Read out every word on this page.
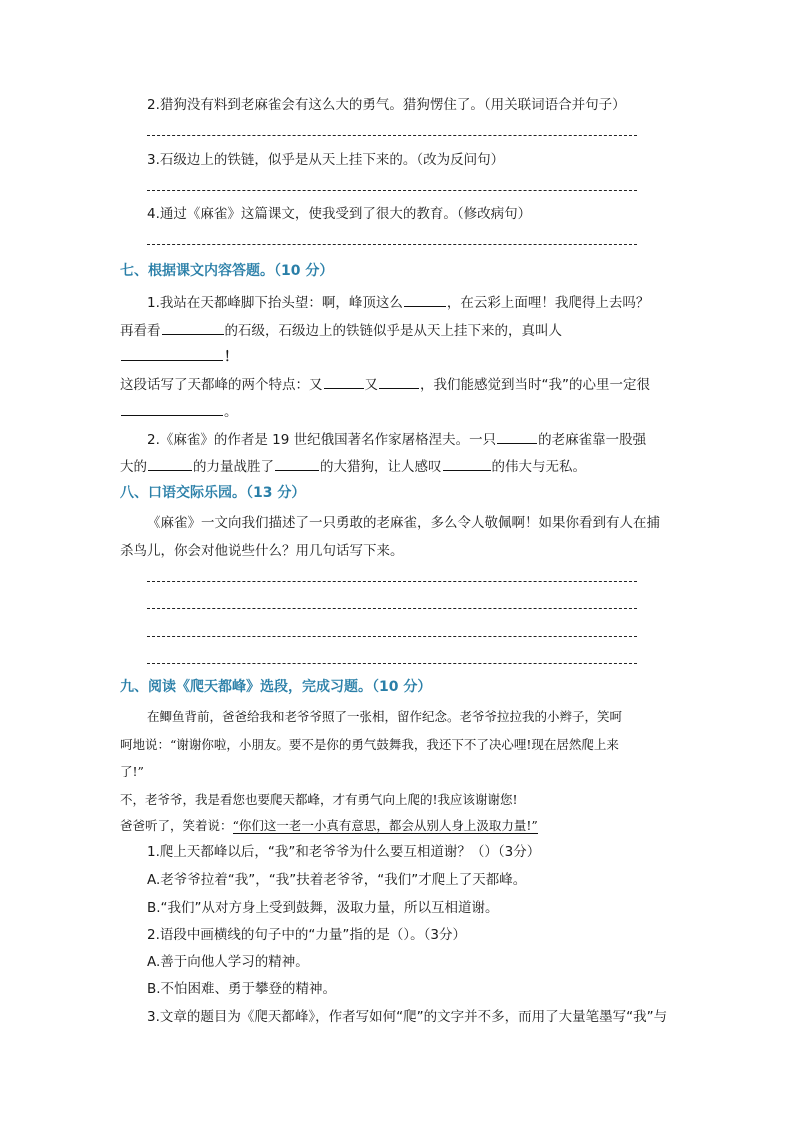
2.猎狗没有料到老麻雀会有这么大的勇气。猎狗愣住了。（用关联词语合并句子）
3.石级边上的铁链，似乎是从天上挂下来的。（改为反问句）
4.通过《麻雀》这篇课文，使我受到了很大的教育。（修改病句）
七、根据课文内容答题。（10 分）
1.我站在天都峰脚下抬头望：啊，峰顶这么	，在云彩上面哩！我爬得上去吗？
再看看	的石级，石级边上的铁链似乎是从天上挂下来的，真叫人
！
这段话写了天都峰的两个特点：又	又	，我们能感觉到当时“我”的心里一定很
。
2.《麻雀》的作者是 19 世纪俄国著名作家屠格涅夫。一只	的老麻雀靠一股强
大的	的力量战胜了	的大猎狗，让人感叹	的伟大与无私。
八、口语交际乐园。（13 分）
《麻雀》一文向我们描述了一只勇敢的老麻雀，多么令人敬佩啊！如果你看到有人在捕
杀鸟儿，你会对他说些什么？用几句话写下来。
九、阅读《爬天都峰》选段，完成习题。（10 分）
在鲫鱼背前，爸爸给我和老爷爷照了一张相，留作纪念。老爷爷拉拉我的小辫子，笑呵
呵地说：“谢谢你啦，小朋友。要不是你的勇气鼓舞我，我还下不了决心哩!现在居然爬上来
了!”
不，老爷爷，我是看您也要爬天都峰，才有勇气向上爬的!我应该谢谢您!
爸爸听了，笑着说：“你们这一老一小真有意思，都会从别人身上汲取力量!”
1.爬上天都峰以后，“我”和老爷爷为什么要互相道谢？（）（3分）
A.老爷爷拉着“我”，“我”扶着老爷爷，“我们”才爬上了天都峰。
B.“我们”从对方身上受到鼓舞，汲取力量，所以互相道谢。
2.语段中画横线的句子中的“力量”指的是（）。（3分）
A.善于向他人学习的精神。
B.不怕困难、勇于攀登的精神。
3.文章的题目为《爬天都峰》，作者写如何“爬”的文字并不多，而用了大量笔墨写“我”与
